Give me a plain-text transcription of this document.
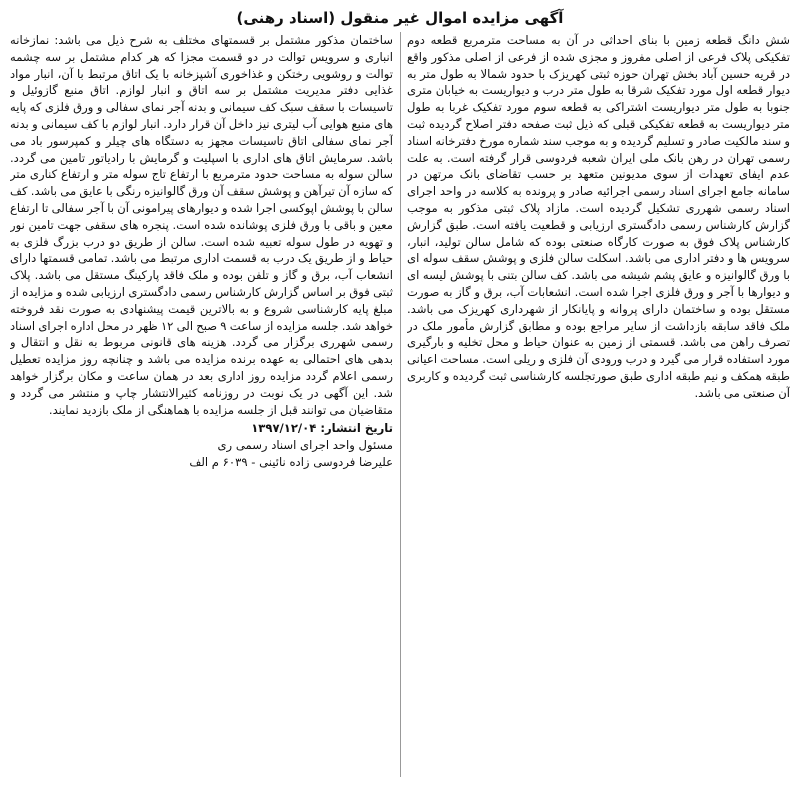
آگهی مزایده اموال غیر منقول (اسناد رهنی)

شش دانگ قطعه زمین با بنای احداثی در آن به مساحت مترمربع قطعه دوم تفکیکی پلاک فرعی از اصلی مفروز و مجزی شده از فرعی از اصلی مذکور واقع در قریه حسین آباد بخش تهران حوزه ثبتی کهریزک با حدود شمالا به طول متر به دیوار قطعه اول مورد تفکیک شرقا به طول متر درب و دیواریست به خیابان متری جنوبا به طول متر دیواریست اشتراکی به قطعه سوم مورد تفکیک غربا به طول متر دیواریست به قطعه تفکیکی قبلی که ذیل ثبت صفحه دفتر اصلاح گردیده ثبت و سند مالکیت صادر و تسلیم گردیده و به موجب سند شماره مورخ دفترخانه اسناد رسمی تهران در رهن بانک ملی ایران شعبه فردوسی قرار گرفته است. به علت عدم ایفای تعهدات از سوی مدیونین متعهد بر حسب تقاضای بانک مرتهن در سامانه جامع اجرای اسناد رسمی اجرائیه صادر و پرونده به کلاسه در واحد اجرای اسناد رسمی شهرری تشکیل گردیده است. مازاد پلاک ثبتی مذکور به موجب گزارش کارشناس رسمی دادگستری ارزیابی و قطعیت یافته است. طبق گزارش کارشناس پلاک فوق به صورت کارگاه صنعتی بوده که شامل سالن تولید، انبار، سرویس ها و دفتر اداری می باشد. اسکلت سالن فلزی و پوشش سقف سوله ای با ورق گالوانیزه و عایق پشم شیشه می باشد. کف سالن بتنی با پوشش لیسه ای و دیوارها با آجر و ورق فلزی اجرا شده است. انشعابات آب، برق و گاز به صورت مستقل بوده و ساختمان دارای پروانه و پایانکار از شهرداری کهریزک می باشد. ملک فاقد سابقه بازداشت از سایر مراجع بوده و مطابق گزارش مأمور ملک در تصرف راهن می باشد. قسمتی از زمین به عنوان حیاط و محل تخلیه و بارگیری مورد استفاده قرار می گیرد و درب ورودی آن فلزی و ریلی است. مساحت اعیانی طبقه همکف و نیم طبقه اداری طبق صورتجلسه کارشناسی ثبت گردیده و کاربری آن صنعتی می باشد.

ساختمان مذکور مشتمل بر قسمتهای مختلف به شرح ذیل می باشد: نمازخانه انباری و سرویس توالت در دو قسمت مجزا که هر کدام مشتمل بر سه چشمه توالت و روشویی رختکن و غذاخوری آشپزخانه با یک اتاق مرتبط با آن، انبار مواد غذایی دفتر مدیریت مشتمل بر سه اتاق و انبار لوازم. اتاق منبع گازوئیل و تاسیسات با سقف سبک کف سیمانی و بدنه آجر نمای سفالی و ورق فلزی که پایه های منبع هوایی آب لیتری نیز داخل آن قرار دارد. انبار لوازم با کف سیمانی و بدنه آجر نمای سفالی اتاق تاسیسات مجهز به دستگاه های چیلر و کمپرسور باد می باشد. سرمایش اتاق های اداری با اسپلیت و گرمایش با رادیاتور تامین می گردد. سالن سوله به مساحت حدود مترمربع با ارتفاع تاج سوله متر و ارتفاع کناری متر که سازه آن تیرآهن و پوشش سقف آن ورق گالوانیزه رنگی با عایق می باشد. کف سالن با پوشش اپوکسی اجرا شده و دیوارهای پیرامونی آن با آجر سفالی تا ارتفاع معین و باقی با ورق فلزی پوشانده شده است. پنجره های سقفی جهت تامین نور و تهویه در طول سوله تعبیه شده است. سالن از طریق دو درب بزرگ فلزی به حیاط و از طریق یک درب به قسمت اداری مرتبط می باشد. تمامی قسمتها دارای انشعاب آب، برق و گاز و تلفن بوده و ملک فاقد پارکینگ مستقل می باشد. پلاک ثبتی فوق بر اساس گزارش کارشناس رسمی دادگستری ارزیابی شده و مزایده از مبلغ پایه کارشناسی شروع و به بالاترین قیمت پیشنهادی به صورت نقد فروخته خواهد شد. جلسه مزایده از ساعت ۹ صبح الی ۱۲ ظهر در محل اداره اجرای اسناد رسمی شهرری برگزار می گردد. هزینه های قانونی مربوط به نقل و انتقال و بدهی های احتمالی به عهده برنده مزایده می باشد و چنانچه روز مزایده تعطیل رسمی اعلام گردد مزایده روز اداری بعد در همان ساعت و مکان برگزار خواهد شد. این آگهی در یک نوبت در روزنامه کثیرالانتشار چاپ و منتشر می گردد و متقاضیان می توانند قبل از جلسه مزایده با هماهنگی از ملک بازدید نمایند.

تاریخ انتشار: ۱۳۹۷/۱۲/۰۴
مسئول واحد اجرای اسناد رسمی ری
علیرضا فردوسی زاده نائینی - ۶۰۳۹ م الف
